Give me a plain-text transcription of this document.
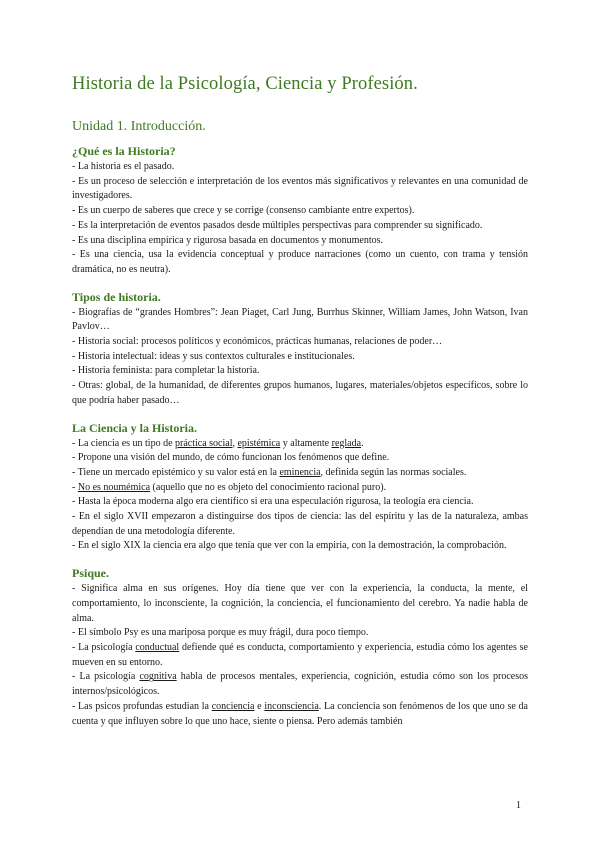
Historia de la Psicología, Ciencia y Profesión.
Unidad 1. Introducción.
¿Qué es la Historia?

- La historia es el pasado.

- Es un proceso de selección e interpretación de los eventos más significativos y relevantes en una comunidad de investigadores.

- Es un cuerpo de saberes que crece y se corrige (consenso cambiante entre expertos).

- Es la interpretación de eventos pasados desde múltiples perspectivas para comprender su significado.

- Es una disciplina empírica y rigurosa basada en documentos y monumentos.

- Es una ciencia, usa la evidencia conceptual y produce narraciones (como un cuento, con trama y tensión dramática, no es neutra).

Tipos de historia.

- Biografías de “grandes Hombres”: Jean Piaget, Carl Jung, Burrhus Skinner, William James, John Watson, Ivan Pavlov…

- Historia social: procesos políticos y económicos, prácticas humanas, relaciones de poder…

- Historia intelectual: ideas y sus contextos culturales e institucionales.

- Historia feminista: para completar la historia.

- Otras: global, de la humanidad, de diferentes grupos humanos, lugares, materiales/objetos específicos, sobre lo que podría haber pasado…

La Ciencia y la Historia.

- La ciencia es un tipo de práctica social, epistémica y altamente reglada.

- Propone una visión del mundo, de cómo funcionan los fenómenos que define.

- Tiene un mercado epistémico y su valor está en la eminencia, definida según las normas sociales.

- No es noumémica (aquello que no es objeto del conocimiento racional puro).

- Hasta la época moderna algo era científico si era una especulación rigurosa, la teología era ciencia.

- En el siglo XVII empezaron a distinguirse dos tipos de ciencia: las del espíritu y las de la naturaleza, ambas dependían de una metodología diferente.

- En el siglo XIX la ciencia era algo que tenía que ver con la empiria, con la demostración, la comprobación.

Psique.

- Significa alma en sus orígenes. Hoy día tiene que ver con la experiencia, la conducta, la mente, el comportamiento, lo inconsciente, la cognición, la conciencia, el funcionamiento del cerebro. Ya nadie habla de alma.

- El símbolo Psy es una mariposa porque es muy frágil, dura poco tiempo.

- La psicología conductual defiende qué es conducta, comportamiento y experiencia, estudia cómo los agentes se mueven en su entorno.

- La psicología cognitiva habla de procesos mentales, experiencia, cognición, estudia cómo son los procesos internos/psicológicos.

- Las psicos profundas estudian la conciencia e inconsciencia. La conciencia son fenómenos de los que uno se da cuenta y que influyen sobre lo que uno hace, siente o piensa. Pero además también

1
